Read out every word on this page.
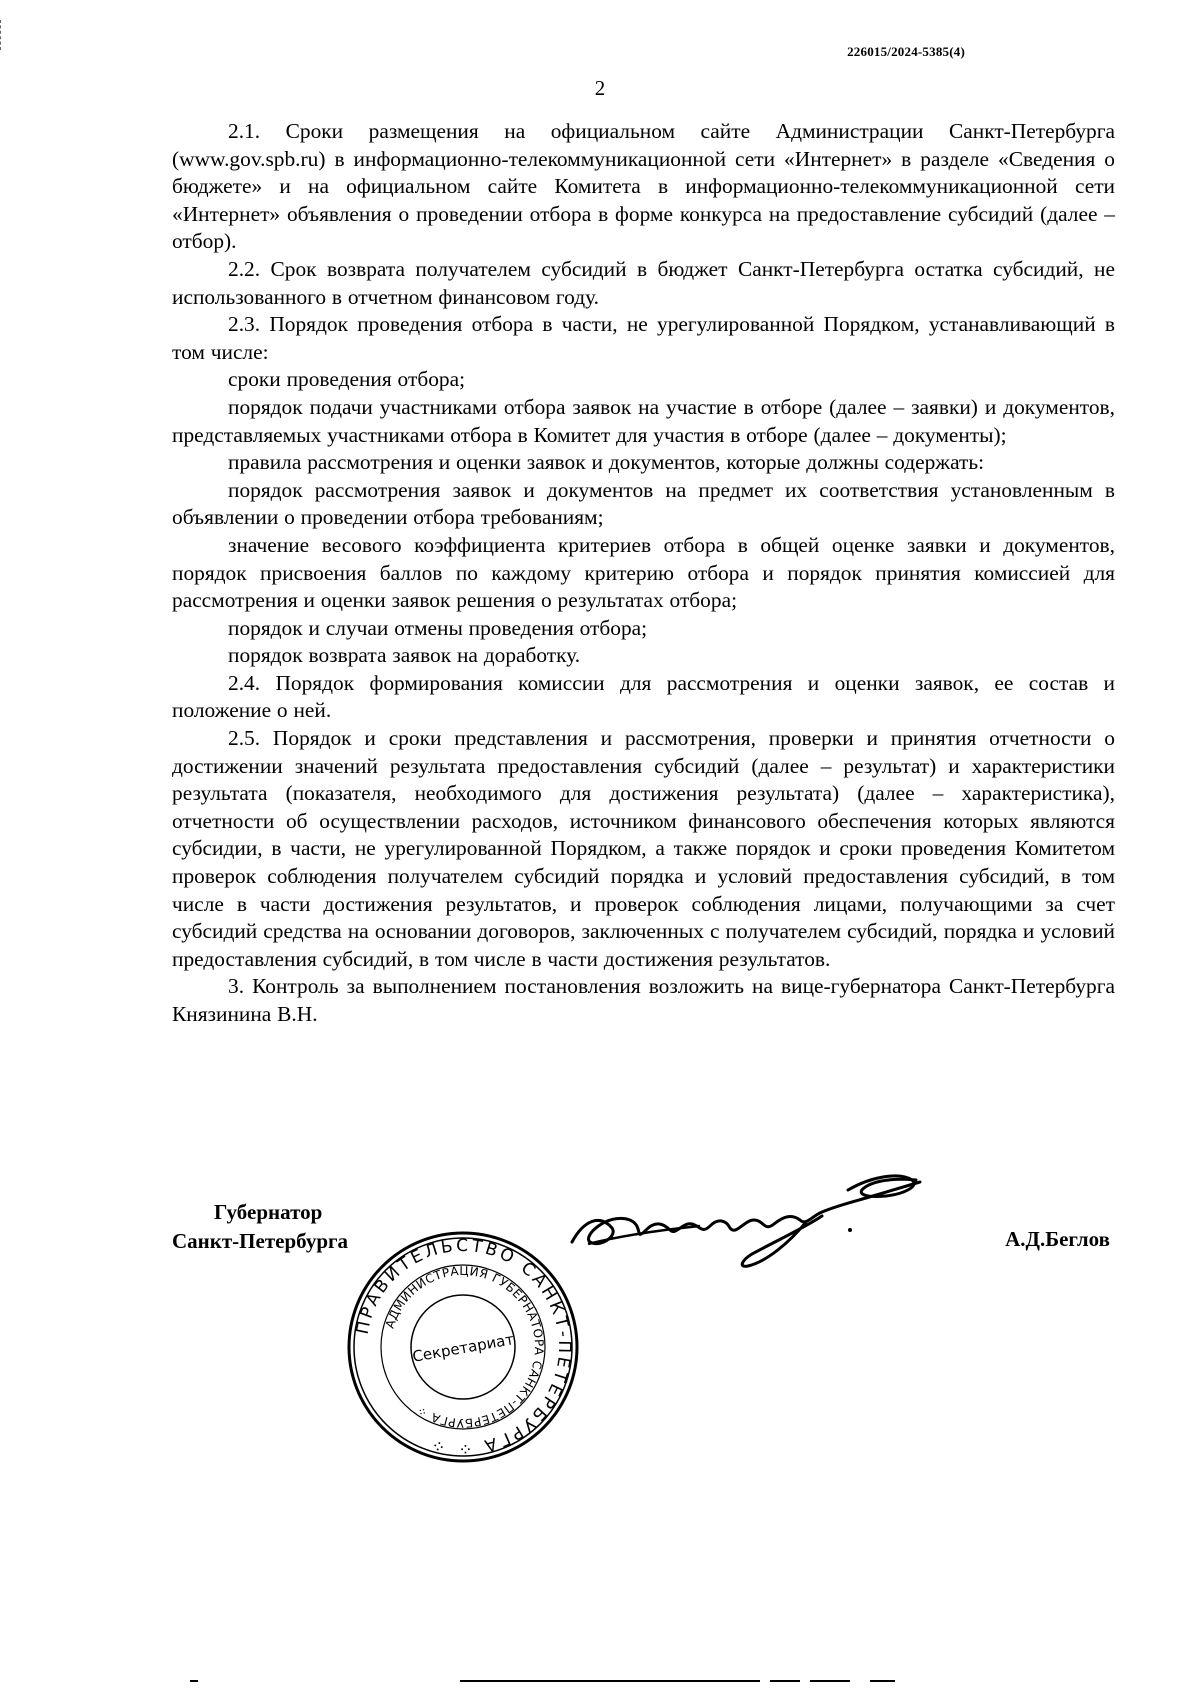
226015/2024-5385(4)
2

2.1. Сроки размещения на официальном сайте Администрации Санкт-Петербурга (www.gov.spb.ru) в информационно-телекоммуникационной сети «Интернет» в разделе «Сведения о бюджете» и на официальном сайте Комитета в информационно-телекоммуникационной сети «Интернет» объявления о проведении отбора в форме конкурса на предоставление субсидий (далее – отбор).

2.2. Срок возврата получателем субсидий в бюджет Санкт-Петербурга остатка субсидий, не использованного в отчетном финансовом году.

2.3. Порядок проведения отбора в части, не урегулированной Порядком, устанавливающий в том числе:

сроки проведения отбора;

порядок подачи участниками отбора заявок на участие в отборе (далее – заявки) и документов, представляемых участниками отбора в Комитет для участия в отборе (далее – документы);

правила рассмотрения и оценки заявок и документов, которые должны содержать:

порядок рассмотрения заявок и документов на предмет их соответствия установленным в объявлении о проведении отбора требованиям;

значение весового коэффициента критериев отбора в общей оценке заявки и документов, порядок присвоения баллов по каждому критерию отбора и порядок принятия комиссией для рассмотрения и оценки заявок решения о результатах отбора;

порядок и случаи отмены проведения отбора;

порядок возврата заявок на доработку.

2.4. Порядок формирования комиссии для рассмотрения и оценки заявок, ее состав и положение о ней.

2.5. Порядок и сроки представления и рассмотрения, проверки и принятия отчетности о достижении значений результата предоставления субсидий (далее – результат) и характеристики результата (показателя, необходимого для достижения результата) (далее – характеристика), отчетности об осуществлении расходов, источником финансового обеспечения которых являются субсидии, в части, не урегулированной Порядком, а также порядок и сроки проведения Комитетом проверок соблюдения получателем субсидий порядка и условий предоставления субсидий, в том числе в части достижения результатов, и проверок соблюдения лицами, получающими за счет субсидий средства на основании договоров, заключенных с получателем субсидий, порядка и условий предоставления субсидий, в том числе в части достижения результатов.

3. Контроль за выполнением постановления возложить на вице-губернатора Санкт-Петербурга Князинина В.Н.

Губернатор
Санкт-Петербурга	А.Д.Беглов
ПРАВИТЕЛЬСТВО САНКТ-ПЕТЕРБУРГА ⁘ ⁘
АДМИНИСТРАЦИЯ ГУБЕРНАТОРА САНКТ-ПЕТЕРБУРГА ⁘
Секретариат
